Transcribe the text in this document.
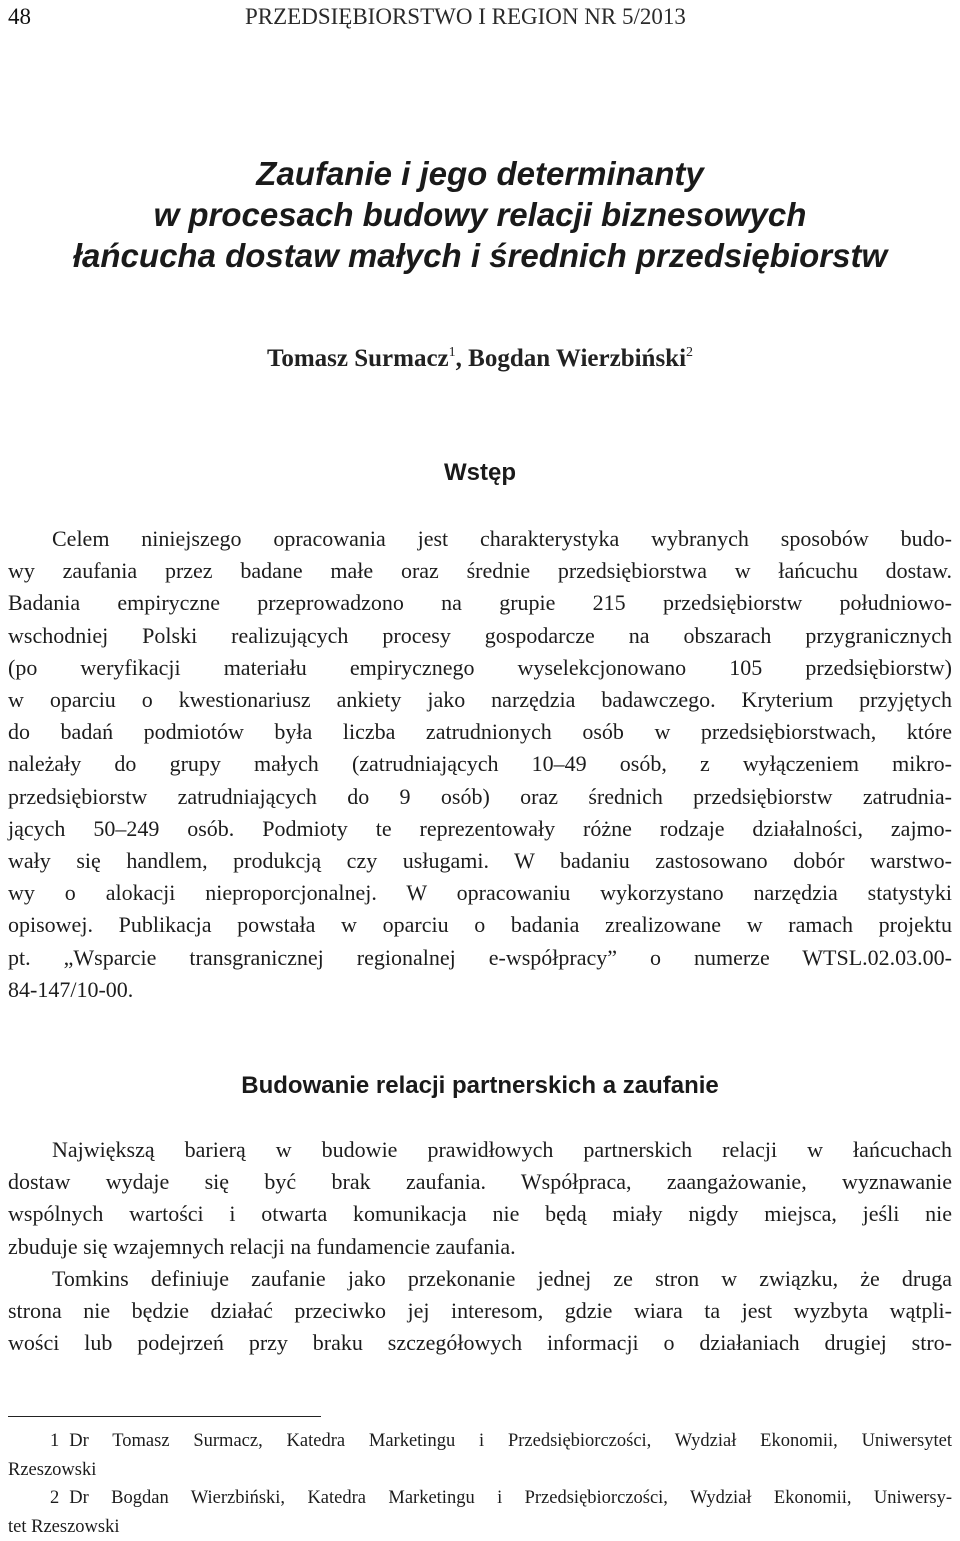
48	PRZEDSIĘBIORSTWO I REGION NR 5/2013
Zaufanie i jego determinanty
w procesach budowy relacji biznesowych
łańcucha dostaw małych i średnich przedsiębiorstw
Tomasz Surmacz$^1$, Bogdan Wierzbiński$^2$
Wstęp
Celem niniejszego opracowania jest charakterystyka wybranych sposobów budo-
wy zaufania przez badane małe oraz średnie przedsiębiorstwa w łańcuchu dostaw.
Badania empiryczne przeprowadzono na grupie 215 przedsiębiorstw południowo-
wschodniej Polski realizujących procesy gospodarcze na obszarach przygranicznych
(po weryfikacji materiału empirycznego wyselekcjonowano 105 przedsiębiorstw)
w oparciu o kwestionariusz ankiety jako narzędzia badawczego. Kryterium przyjętych
do badań podmiotów była liczba zatrudnionych osób w przedsiębiorstwach, które
należały do grupy małych (zatrudniających 10–49 osób, z wyłączeniem mikro-
przedsiębiorstw zatrudniających do 9 osób) oraz średnich przedsiębiorstw zatrudnia-
jących 50–249 osób. Podmioty te reprezentowały różne rodzaje działalności, zajmo-
wały się handlem, produkcją czy usługami. W badaniu zastosowano dobór warstwo-
wy o alokacji nieproporcjonalnej. W opracowaniu wykorzystano narzędzia statystyki
opisowej. Publikacja powstała w oparciu o badania zrealizowane w ramach projektu
pt. „Wsparcie transgranicznej regionalnej e-współpracy” o numerze WTSL.02.03.00-
84-147/10-00.
Budowanie relacji partnerskich a zaufanie
Największą barierą w budowie prawidłowych partnerskich relacji w łańcuchach
dostaw wydaje się być brak zaufania. Współpraca, zaangażowanie, wyznawanie
wspólnych wartości i otwarta komunikacja nie będą miały nigdy miejsca, jeśli nie
zbuduje się wzajemnych relacji na fundamencie zaufania.
Tomkins definiuje zaufanie jako przekonanie jednej ze stron w związku, że druga
strona nie będzie działać przeciwko jej interesom, gdzie wiara ta jest wyzbyta wątpli-
wości lub podejrzeń przy braku szczegółowych informacji o działaniach drugiej stro-
1 Dr Tomasz Surmacz, Katedra Marketingu i Przedsiębiorczości, Wydział Ekonomii, Uniwersytet
Rzeszowski
2 Dr Bogdan Wierzbiński, Katedra Marketingu i Przedsiębiorczości, Wydział Ekonomii, Uniwersy-
tet Rzeszowski
